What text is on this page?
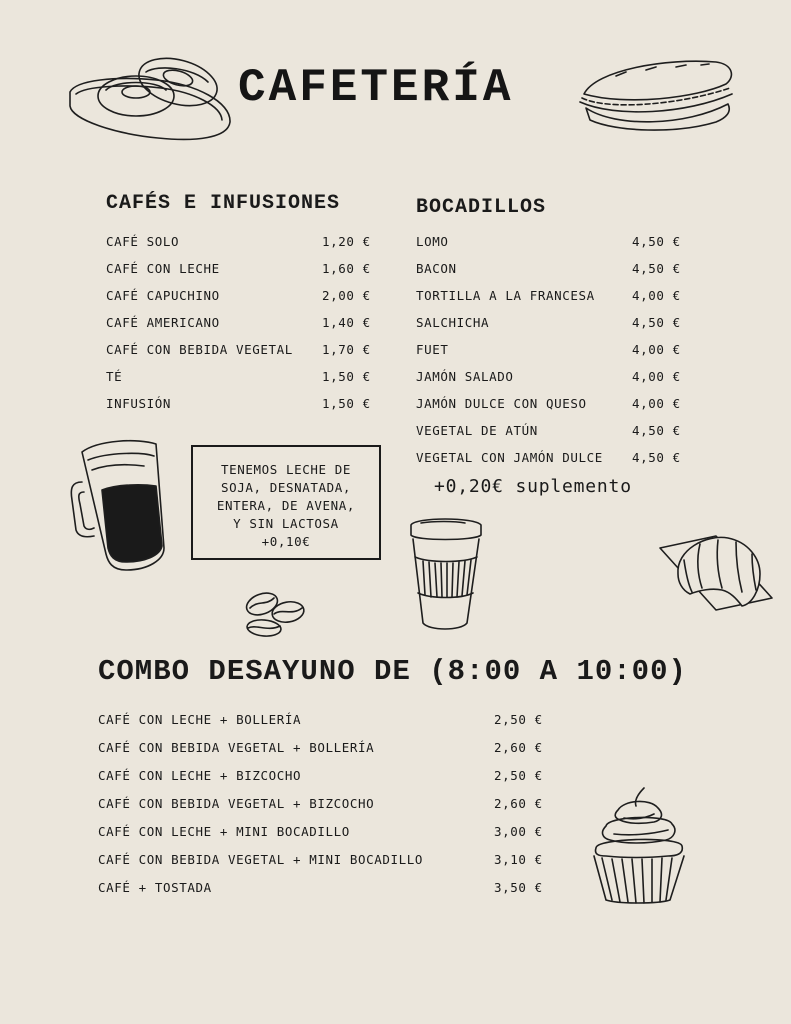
CAFETERÍA
CAFÉS E INFUSIONES	BOCADILLOS
CAFÉ SOLO	1,20 €
CAFÉ CON LECHE	1,60 €
CAFÉ CAPUCHINO	2,00 €
CAFÉ AMERICANO	1,40 €
CAFÉ CON BEBIDA VEGETAL 1,70 €
TÉ	1,50 €
INFUSIÓN	1,50 €
LOMO	4,50 €
BACON	4,50 €
TORTILLA A LA FRANCESA	4,00 €
SALCHICHA	4,50 €
FUET	4,00 €
JAMÓN SALADO	4,00 €
JAMÓN DULCE CON QUESO	4,00 €
VEGETAL DE ATÚN	4,50 €
VEGETAL CON JAMÓN DULCE 4,50 €
+0,20€ suplemento
TENEMOS LECHE DE
SOJA, DESNATADA,
ENTERA, DE AVENA,
Y SIN LACTOSA
+0,10€
COMBO DESAYUNO DE (8:00 A 10:00)
CAFÉ CON LECHE + BOLLERÍA	2,50 €
CAFÉ CON BEBIDA VEGETAL + BOLLERÍA	2,60 €
CAFÉ CON LECHE + BIZCOCHO	2,50 €
CAFÉ CON BEBIDA VEGETAL + BIZCOCHO	2,60 €
CAFÉ CON LECHE + MINI BOCADILLO	3,00 €
CAFÉ CON BEBIDA VEGETAL + MINI BOCADILLO	3,10 €
CAFÉ + TOSTADA	3,50 €
